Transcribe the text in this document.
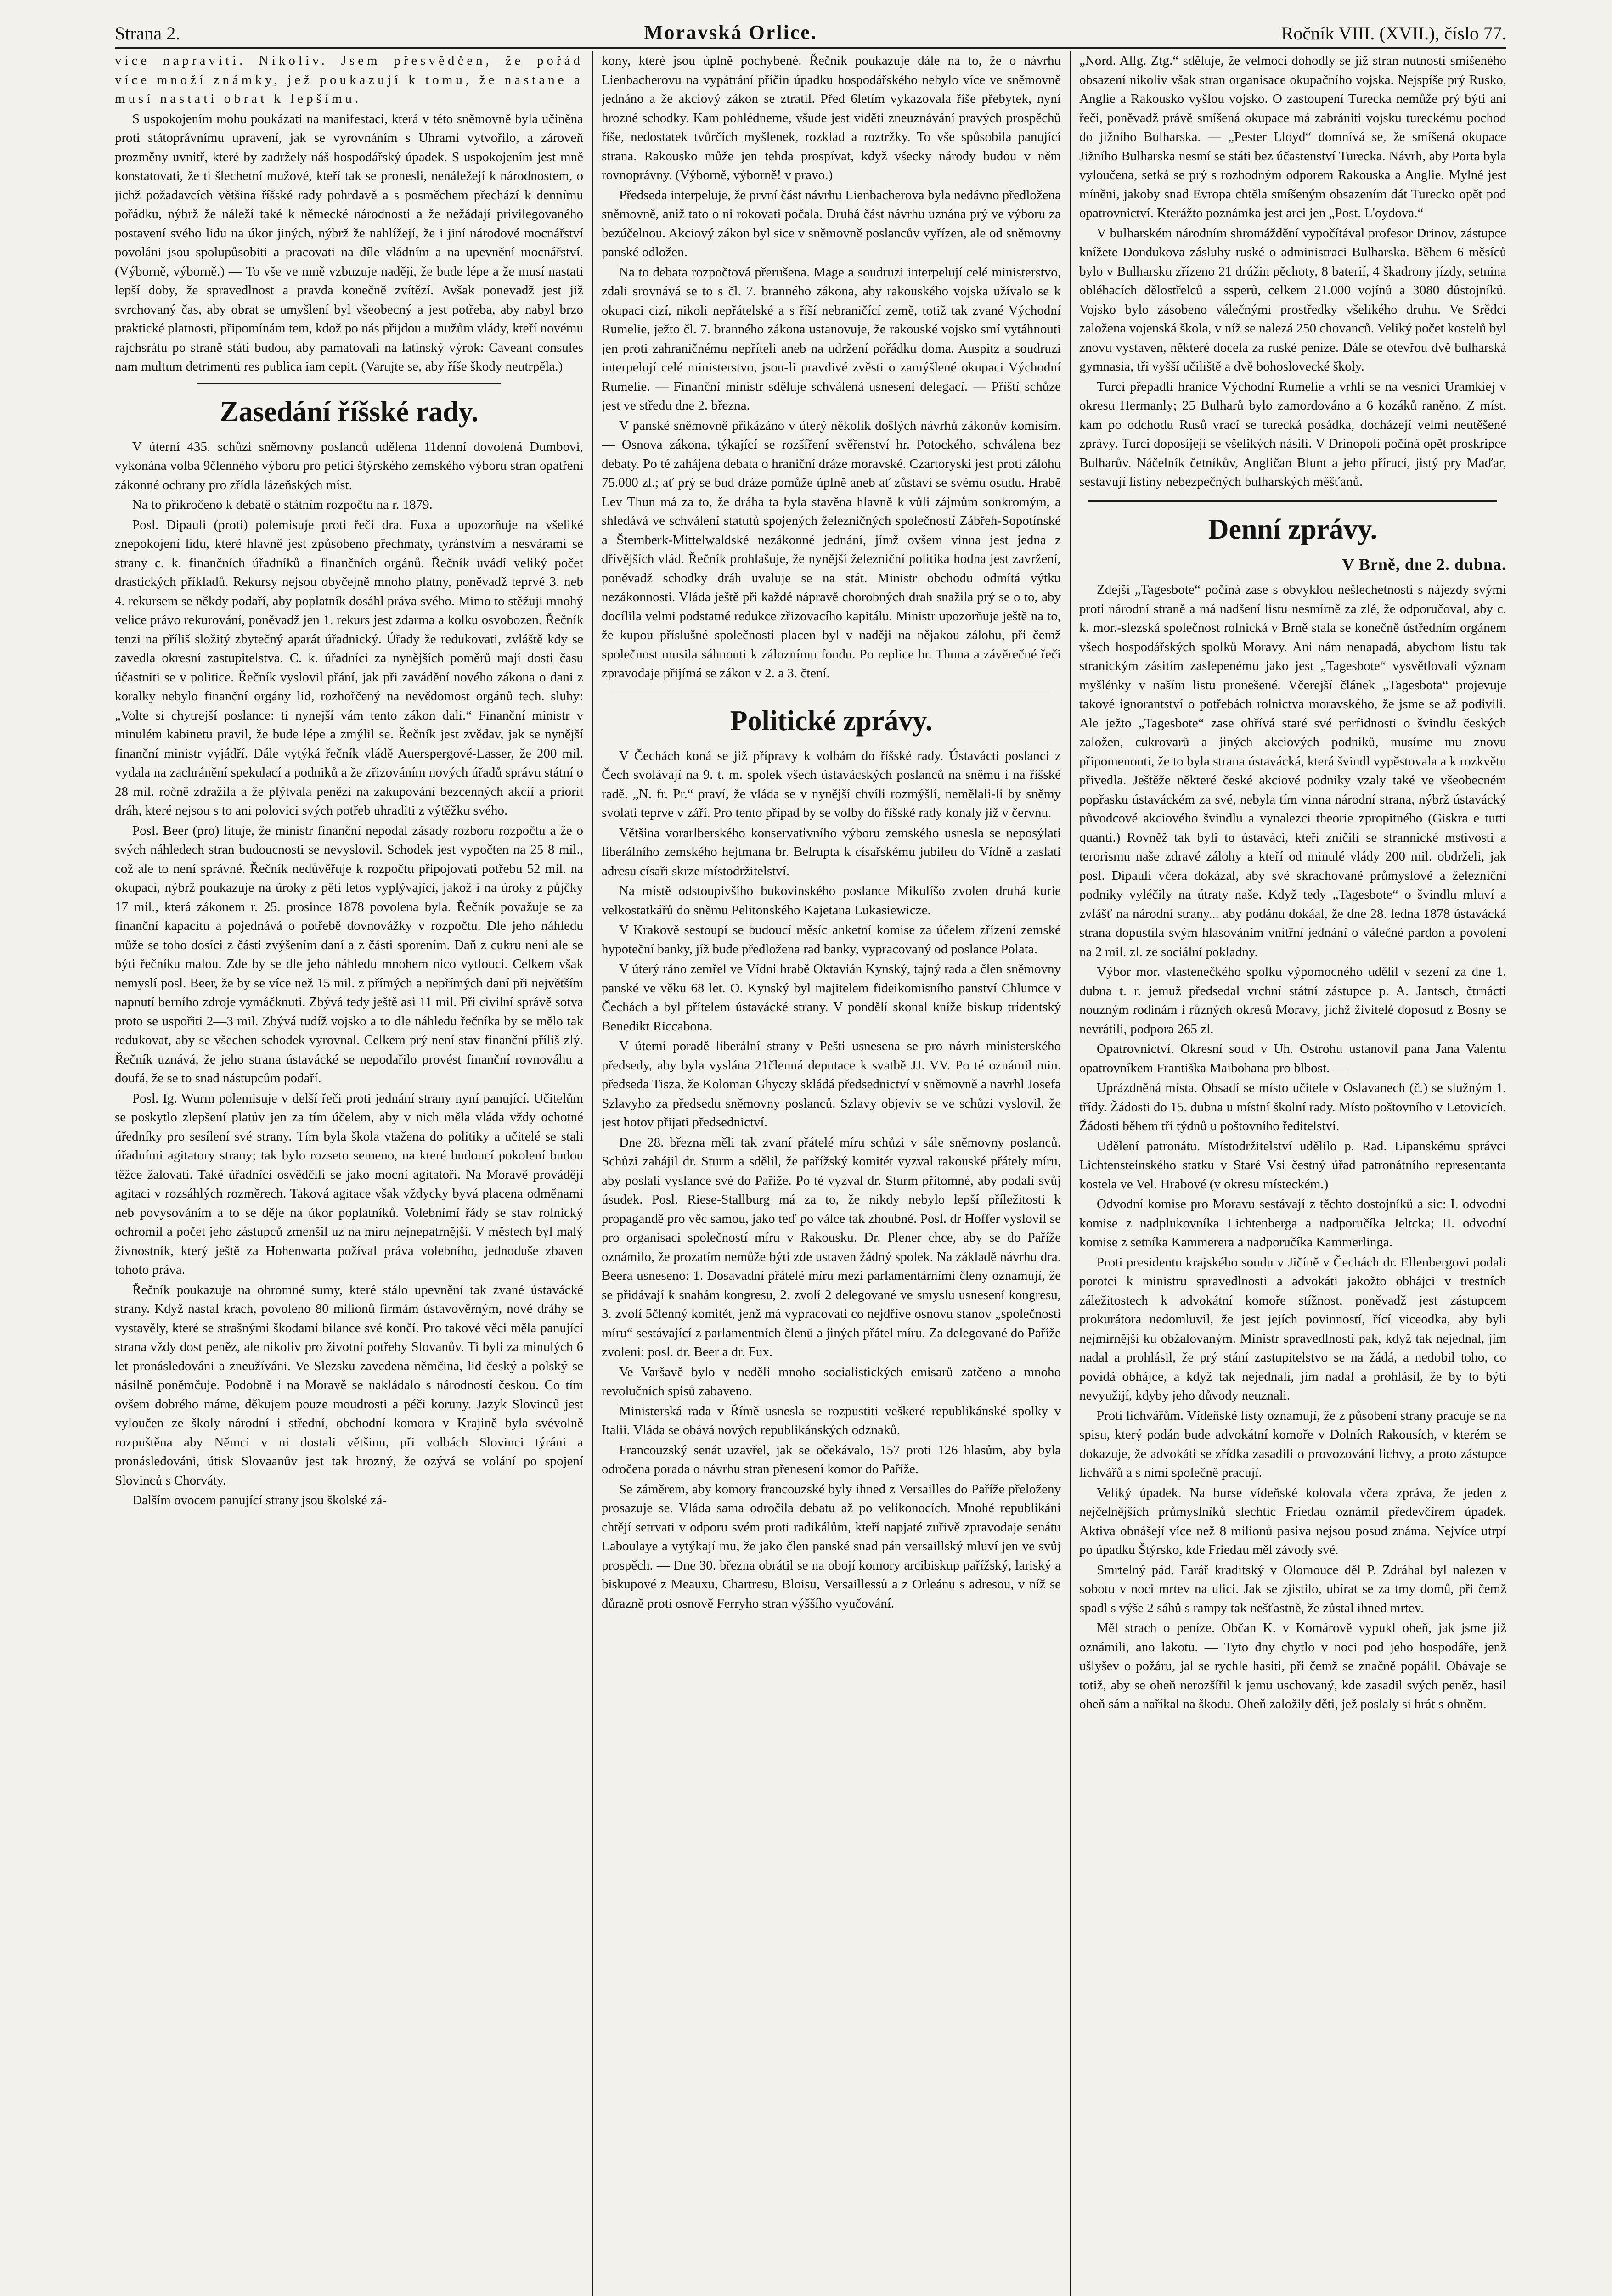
Strana 2.	Moravská Orlice.	Ročník VIII. (XVII.), číslo 77.

více napraviti. Nikoliv. Jsem přesvědčen, že pořád více množí známky, jež poukazují k tomu, že nastane a musí nastati obrat k lepšímu.

S uspokojením mohu poukázati na manifestaci, která v této sněmovně byla učiněna proti státoprávnímu upravení, jak se vyrovnáním s Uhrami vytvořilo, a zároveň prozměny uvnitř, které by zadržely náš hospodářský úpadek. S uspokojením jest mně konstatovati, že ti šlechetní mužové, kteří tak se pronesli, nenáležejí k národnostem, o jichž požadavcích většina říšské rady pohrdavě a s posměchem přechází k dennímu pořádku, nýbrž že náleží také k německé národnosti a že nežádají privilegovaného postavení svého lidu na úkor jiných, nýbrž že nahlížejí, že i jiní národové mocnářství povoláni jsou spolupůsobiti a pracovati na díle vládním a na upevnění mocnářství. (Výborně, výborně.) — To vše ve mně vzbuzuje naději, že bude lépe a že musí nastati lepší doby, že spravedlnost a pravda konečně zvítězí. Avšak ponevadž jest již svrchovaný čas, aby obrat se umyšlení byl všeobecný a jest potřeba, aby nabyl brzo praktické platnosti, připomínám tem, kdož po nás přijdou a mužům vlády, kteří novému rajchsrátu po straně státi budou, aby pamatovali na latinský výrok: Caveant consules nam multum detrimenti res publica iam cepit. (Varujte se, aby říše škody neutrpěla.)

Zasedání říšské rady.

V úterní 435. schůzi sněmovny poslanců udělena 11denní dovolená Dumbovi, vykonána volba 9členného výboru pro petici štýrského zemského výboru stran opatření zákonné ochrany pro zřídla lázeňských míst.

Na to přikročeno k debatě o státním rozpočtu na r. 1879.

Posl. Dipauli (proti) polemisuje proti řeči dra. Fuxa a upozorňuje na všeliké znepokojení lidu, které hlavně jest způsobeno přechmaty, tyránstvím a nesvárami se strany c. k. finančních úřadníků a finančních orgánů. Řečník uvádí veliký počet drastických příkladů. Rekursy nejsou obyčejně mnoho platny, poněvadž teprvé 3. neb 4. rekursem se někdy podaří, aby poplatník dosáhl práva svého. Mimo to stěžuji mnohý velice právo rekurování, poněvadž jen 1. rekurs jest zdarma a kolku osvobozen. Řečník tenzi na příliš složitý zbytečný aparát úřadnický. Úřady že redukovati, zvláště kdy se zavedla okresní zastupitelstva. C. k. úřadníci za nynějších poměrů mají dosti času účastniti se v politice. Řečník vyslovil přání, jak při zavádění nového zákona o dani z koralky nebylo finanční orgány lid, rozhořčený na nevědomost orgánů tech. sluhy: „Volte si chytrejší poslance: ti nynejší vám tento zákon dali.“ Finanční ministr v minulém kabinetu pravil, že bude lépe a zmýlil se. Řečník jest zvědav, jak se nynější finanční ministr vyjádří. Dále vytýká řečník vládě Auerspergové-Lasser, že 200 mil. vydala na zachránění spekulací a podniků a že zřizováním nových úřadů správu státní o 28 mil. ročně zdražila a že plýtvala penězi na zakupování bezcenných akcií a priorit dráh, které nejsou s to ani polovici svých potřeb uhraditi z výtěžku svého.

Posl. Beer (pro) lituje, že ministr finanční nepodal zásady rozboru rozpočtu a že o svých náhledech stran budoucnosti se nevyslovil. Schodek jest vypočten na 25 8 mil., což ale to není správné. Řečník nedůvěřuje k rozpočtu připojovati potřebu 52 mil. na okupaci, nýbrž poukazuje na úroky z pěti letos vyplývající, jakož i na úroky z půjčky 17 mil., která zákonem r. 25. prosince 1878 povolena byla. Řečník považuje se za finanční kapacitu a pojednává o potřebě dovnovážky v rozpočtu. Dle jeho náhledu může se toho dosíci z části zvýšením daní a z části sporením. Daň z cukru není ale se býti řečníku malou. Zde by se dle jeho náhledu mnohem nico vytlouci. Celkem však nemyslí posl. Beer, že by se více než 15 mil. z přímých a nepřímých daní při největším napnutí berního zdroje vymáčknuti. Zbývá tedy ještě asi 11 mil. Při civilní správě sotva proto se uspořiti 2—3 mil. Zbývá tudíž vojsko a to dle náhledu řečníka by se mělo tak redukovat, aby se všechen schodek vyrovnal. Celkem prý není stav finanční příliš zlý. Řečník uznává, že jeho strana ústavácké se nepodařilo provést finanční rovnováhu a doufá, že se to snad nástupcům podaří.

Posl. Ig. Wurm polemisuje v delší řeči proti jednání strany nyní panující. Učitelům se poskytlo zlepšení platův jen za tím účelem, aby v nich měla vláda vždy ochotné úředníky pro sesílení své strany. Tím byla škola vtažena do politiky a učitelé se stali úřadními agitatory strany; tak bylo rozseto semeno, na které budoucí pokolení budou těžce žalovati. Také úřadnící osvědčili se jako mocní agitatoři. Na Moravě provádějí agitaci v rozsáhlých rozměrech. Taková agitace však vždycky byvá placena odměnami neb povysováním a to se děje na úkor poplatníků. Volebnímí řády se stav rolnický ochromil a počet jeho zástupců zmenšil uz na míru nejnepatrnější. V městech byl malý živnostník, který ještě za Hohenwarta požíval práva volebního, jednoduše zbaven tohoto práva.

Řečník poukazuje na ohromné sumy, které stálo upevnění tak zvané ústavácké strany. Když nastal krach, povoleno 80 milionů firmám ústavověrným, nové dráhy se vystavěly, které se strašnými škodami bilance své končí. Pro takové věci měla panující strana vždy dost peněz, ale nikoliv pro životní potřeby Slovanův. Ti byli za minulých 6 let pronásledováni a zneužíváni. Ve Slezsku zavedena němčina, lid český a polský se násilně poněmčuje. Podobně i na Moravě se nakládalo s národností českou. Co tím ovšem dobrého máme, děkujem pouze moudrosti a péči koruny. Jazyk Slovinců jest vyloučen ze školy národní i střední, obchodní komora v Krajině byla svévolně rozpuštěna aby Němci v ni dostali většinu, při volbách Slovinci týráni a pronásledováni, útisk Slovaanův jest tak hrozný, že ozývá se volání po spojení Slovinců s Chorváty.

Dalším ovocem panující strany jsou školské zá-

kony, které jsou úplně pochybené. Řečník poukazuje dále na to, že o návrhu Lienbacherovu na vypátrání příčin úpadku hospodářského nebylo více ve sněmovně jednáno a že akciový zákon se ztratil. Před 6letím vykazovala říše přebytek, nyní hrozné schodky. Kam pohlédneme, všude jest viděti zneuznávání pravých prospěchů říše, nedostatek tvůrčích myšlenek, rozklad a roztržky. To vše spůsobila panující strana. Rakousko může jen tehda prospívat, když všecky národy budou v něm rovnoprávny. (Výborně, výborně! v pravo.)

Předseda interpeluje, že první část návrhu Lienbacherova byla nedávno předložena sněmovně, aniž tato o ni rokovati počala. Druhá část návrhu uznána prý ve výboru za bezúčelnou. Akciový zákon byl sice v sněmovně poslancův vyřízen, ale od sněmovny panské odložen.

Na to debata rozpočtová přerušena. Mage a soudruzi interpelují celé ministerstvo, zdali srovnává se to s čl. 7. branného zákona, aby rakouského vojska užívalo se k okupaci cizí, nikoli nepřátelské a s říší nebraničící země, totiž tak zvané Východní Rumelie, ježto čl. 7. branného zákona ustanovuje, že rakouské vojsko smí vytáhnouti jen proti zahraničnému nepříteli aneb na udržení pořádku doma. Auspitz a soudruzi interpelují celé ministerstvo, jsou-li pravdivé zvěsti o zamýšlené okupaci Východní Rumelie. — Finanční ministr sděluje schválená usnesení delegací. — Příští schůze jest ve středu dne 2. března.

V panské sněmovně přikázáno v úterý několik došlých návrhů zákonův komisím. — Osnova zákona, týkající se rozšíření svěřenství hr. Potockého, schválena bez debaty. Po té zahájena debata o hraniční dráze moravské. Czartoryski jest proti zálohu 75.000 zl.; ať prý se bud dráze pomůže úplně aneb ať zůstaví se svému osudu. Hrabě Lev Thun má za to, že dráha ta byla stavěna hlavně k vůli zájmům sonkromým, a shledává ve schválení statutů spojených železničných společností Zábřeh-Sopotínské a Šternberk-Mittelwaldské nezákonné jednání, jímž ovšem vinna jest jedna z dřívějších vlád. Řečník prohlašuje, že nynější železniční politika hodna jest zavržení, poněvadž schodky dráh uvaluje se na stát. Ministr obchodu odmítá výtku nezákonnosti. Vláda ještě při každé nápravě chorobných drah snažila prý se o to, aby docílila velmi podstatné redukce zřizovacího kapitálu. Ministr upozorňuje ještě na to, že kupou příslušné společnosti placen byl v naději na nějakou zálohu, při čemž společnost musila sáhnouti k záloznímu fondu. Po replice hr. Thuna a závěrečné řeči zpravodaje přijímá se zákon v 2. a 3. čtení.

Politické zprávy.

V Čechách koná se již přípravy k volbám do říšské rady. Ústavácti poslanci z Čech svolávají na 9. t. m. spolek všech ústavácských poslanců na sněmu i na říšské radě. „N. fr. Pr.“ praví, že vláda se v nynější chvíli rozmýšlí, nemělali-li by sněmy svolati teprve v září. Pro tento případ by se volby do říšské rady konaly již v červnu.

Většina vorarlberského konservativního výboru zemského usnesla se neposýlati liberálního zemského hejtmana br. Belrupta k císařskému jubileu do Vídně a zaslati adresu císaři skrze místodržitelství.

Na místě odstoupivšího bukovinského poslance Mikulíšo zvolen druhá kurie velkostatkářů do sněmu Pelitonského Kajetana Lukasiewicze.

V Krakově sestoupí se budoucí měsíc anketní komise za účelem zřízení zemské hypoteční banky, jíž bude předložena rad banky, vypracovaný od poslance Polata.

V úterý ráno zemřel ve Vídni hrabě Oktavián Kynský, tajný rada a člen sněmovny panské ve věku 68 let. O. Kynský byl majitelem fideikomisního panství Chlumce v Čechách a byl přítelem ústavácké strany. V pondělí skonal kníže biskup tridentský Benedikt Riccabona.

V úterní poradě liberální strany v Pešti usnesena se pro návrh ministerského předsedy, aby byla vyslána 21členná deputace k svatbě JJ. VV. Po té oznámil min. předseda Tisza, že Koloman Ghyczy skládá předsednictví v sněmovně a navrhl Josefa Szlavyho za předsedu sněmovny poslanců. Szlavy objeviv se ve schůzi vyslovil, že jest hotov přijati předsednictví.

Dne 28. března měli tak zvaní přátelé míru schůzi v sále sněmovny poslanců. Schůzi zahájil dr. Sturm a sdělil, že pařížský komitét vyzval rakouské přátely míru, aby poslali vyslance své do Paříže. Po té vyzval dr. Sturm přítomné, aby podali svůj úsudek. Posl. Riese-Stallburg má za to, že nikdy nebylo lepší příležitosti k propagandě pro věc samou, jako teď po válce tak zhoubné. Posl. dr Hoffer vyslovil se pro organisaci společností míru v Rakousku. Dr. Plener chce, aby se do Paříže oznámilo, že prozatím nemůže býti zde ustaven žádný spolek. Na základě návrhu dra. Beera usneseno: 1. Dosavadní přátelé míru mezi parlamentárními členy oznamují, že se přidávají k snahám kongresu, 2. zvolí 2 delegované ve smyslu usnesení kongresu, 3. zvolí 5členný komitét, jenž má vypracovati co nejdříve osnovu stanov „společnosti míru“ sestávající z parlamentních členů a jiných přátel míru. Za delegované do Paříže zvoleni: posl. dr. Beer a dr. Fux.

Ve Varšavě bylo v neděli mnoho socialistických emisarů zatčeno a mnoho revolučních spisů zabaveno.

Ministerská rada v Římě usnesla se rozpustiti veškeré republikánské spolky v Italii. Vláda se obává nových republikánských odznaků.

Francouzský senát uzavřel, jak se očekávalo, 157 proti 126 hlasům, aby byla odročena porada o návrhu stran přenesení komor do Paříže.

Se záměrem, aby komory francouzské byly ihned z Versailles do Paříže přeloženy prosazuje se. Vláda sama odročila debatu až po velikonocích. Mnohé republikáni chtějí setrvati v odporu svém proti radikálům, kteří napjaté zuřivě zpravodaje senátu Laboulaye a vytýkají mu, že jako člen panské snad pán versaillský mluví jen ve svůj prospěch. — Dne 30. března obrátil se na obojí komory arcibiskup pařížský, lariský a biskupové z Meauxu, Chartresu, Bloisu, Versaillessů a z Orleánu s adresou, v níž se důrazně proti osnově Ferryho stran výššího vyučování.

„Nord. Allg. Ztg.“ sděluje, že velmoci dohodly se již stran nutnosti smíšeného obsazení nikoliv však stran organisace okupačního vojska. Nejspíše prý Rusko, Anglie a Rakousko vyšlou vojsko. O zastoupení Turecka nemůže prý býti ani řeči, poněvadž právě smíšená okupace má zabrániti vojsku tureckému pochod do jižního Bulharska. — „Pester Lloyd“ domnívá se, že smíšená okupace Jižního Bulharska nesmí se státi bez účastenství Turecka. Návrh, aby Porta byla vyloučena, setká se prý s rozhodným odporem Rakouska a Anglie. Mylné jest míněni, jakoby snad Evropa chtěla smíšeným obsazením dát Turecko opět pod opatrovnictví. Kterážto poznámka jest arci jen „Post. L'oydova.“

V bulharském národním shromáždění vypočítával profesor Drinov, zástupce knížete Dondukova zásluhy ruské o administraci Bulharska. Během 6 měsíců bylo v Bulharsku zřízeno 21 drúžin pěchoty, 8 baterií, 4 škadrony jízdy, setnina obléhacích dělostřelců a ssperů, celkem 21.000 vojínů a 3080 důstojníků. Vojsko bylo zásobeno válečnými prostředky všelikého druhu. Ve Srědci založena vojenská škola, v níž se nalezá 250 chovanců. Veliký počet kostelů byl znovu vystaven, některé docela za ruské peníze. Dále se otevřou dvě bulharská gymnasia, tři vyšší učiliště a dvě bohoslovecké školy.

Turci přepadli hranice Východní Rumelie a vrhli se na vesnici Uramkiej v okresu Hermanly; 25 Bulharů bylo zamordováno a 6 kozáků raněno. Z míst, kam po odchodu Rusů vrací se turecká posádka, docházejí velmi neutěšené zprávy. Turci doposíjejí se všelikých násilí. V Drinopoli počíná opět proskripce Bulharův. Náčelník četníkův, Angličan Blunt a jeho přírucí, jistý pry Maďar, sestavují listiny nebezpečných bulharských měšťanů.

Denní zprávy.
V Brně, dne 2. dubna.

Zdejší „Tagesbote“ počíná zase s obvyklou nešlechetností s nájezdy svými proti národní straně a má nadšení listu nesmírně za zlé, že odporučoval, aby c. k. mor.-slezská společnost rolnická v Brně stala se konečně ústředním orgánem všech hospodářských spolků Moravy. Ani nám nenapadá, abychom listu tak stranickým zásitím zaslepenému jako jest „Tagesbote“ vysvětlovali význam myšlénky v naším listu pronešené. Včerejší článek „Tagesbota“ projevuje takové ignorantství o potřebách rolnictva moravského, že jsme se až podivili. Ale ježto „Tagesbote“ zase ohřívá staré své perfidnosti o švindlu českých založen, cukrovarů a jiných akciových podniků, musíme mu znovu připomenouti, že to byla strana ústavácká, která švindl vypěstovala a k rozkvětu přivedla. Ještěže některé české akciové podniky vzaly také ve všeobecném popřasku ústaváckém za své, nebyla tím vinna národní strana, nýbrž ústavácký původcové akciového švindlu a vynalezci theorie zpropitného (Giskra e tutti quanti.) Rovněž tak byli to ústaváci, kteří zničili se strannické mstivosti a terorismu naše zdravé zálohy a kteří od minulé vlády 200 mil. obdrželi, jak posl. Dipauli včera dokázal, aby své skrachované průmyslové a železniční podniky vyléčily na útraty naše. Když tedy „Tagesbote“ o švindlu mluví a zvlášť na národní strany... aby podánu dokáal, že dne 28. ledna 1878 ústavácká strana dopustila svým hlasováním vnitřní jednání o válečné pardon a povolení na 2 mil. zl. ze sociální pokladny.

Výbor mor. vlastenečkého spolku výpomocného udělil v sezení za dne 1. dubna t. r. jemuž předsedal vrchní státní zástupce p. A. Jantsch, čtrnácti nouzným rodinám i různých okresů Moravy, jichž živitelé doposud z Bosny se nevrátili, podpora 265 zl.

Opatrovnictví. Okresní soud v Uh. Ostrohu ustanovil pana Jana Valentu opatrovníkem Františka Maibohana pro blbost. —

Uprázdněná místa. Obsadí se místo učitele v Oslavanech (č.) se služným 1. třídy. Žádosti do 15. dubna u místní školní rady. Místo poštovního v Letovicích. Žádosti během tří týdnů u poštovního ředitelství.

Udělení patronátu. Místodržitelství udělilo p. Rad. Lipanskému správci Lichtensteinského statku v Staré Vsi čestný úřad patronátního representanta kostela ve Vel. Hrabové (v okresu místeckém.)

Odvodní komise pro Moravu sestávají z těchto dostojníků a sic: I. odvodní komise z nadplukovníka Lichtenberga a nadporučíka Jeltcka; II. odvodní komise z setníka Kammerera a nadporučíka Kammerlinga.

Proti presidentu krajského soudu v Jičíně v Čechách dr. Ellenbergovi podali porotci k ministru spravedlnosti a advokáti jakožto obhájci v trestních záležitostech k advokátní komoře stížnost, poněvadž jest zástupcem prokurátora nedomluvil, že jest jejích povinností, řící viceodka, aby byli nejmírnější ku obžalovaným. Ministr spravedlnosti pak, když tak nejednal, jim nadal a prohlásil, že prý stání zastupitelstvo se na žádá, a nedobil toho, co povidá obhájce, a když tak nejednali, jim nadal a prohlásil, že by to býti nevyužijí, kdyby jeho důvody neuznali.

Proti lichvářům. Vídeňské listy oznamují, že z působení strany pracuje se na spisu, který podán bude advokátní komoře v Dolních Rakousích, v kterém se dokazuje, že advokáti se zřídka zasadili o provozování lichvy, a proto zástupce lichvářů a s nimi společně pracují.

Veliký úpadek. Na burse vídeňské kolovala včera zpráva, že jeden z nejčelnějších průmyslníků slechtic Friedau oznámil předevčírem úpadek. Aktiva obnášejí více než 8 milionů pasiva nejsou posud známa. Nejvíce utrpí po úpadku Štýrsko, kde Friedau měl závody své.

Smrtelný pád. Farář kraditský v Olomouce děl P. Zdráhal byl nalezen v sobotu v noci mrtev na ulici. Jak se zjistilo, ubírat se za tmy domů, při čemž spadl s výše 2 sáhů s rampy tak nešťastně, že zůstal ihned mrtev.

Měl strach o peníze. Občan K. v Komárově vypukl oheň, jak jsme již oznámili, ano lakotu. — Tyto dny chytlo v noci pod jeho hospodáře, jenž ušlyšev o požáru, jal se rychle hasiti, při čemž se značně popálil. Obávaje se totiž, aby se oheň nerozšířil k jemu uschovaný, kde zasadil svých peněz, hasil oheň sám a naříkal na škodu. Oheň založily děti, jež poslaly si hrát s ohněm.
